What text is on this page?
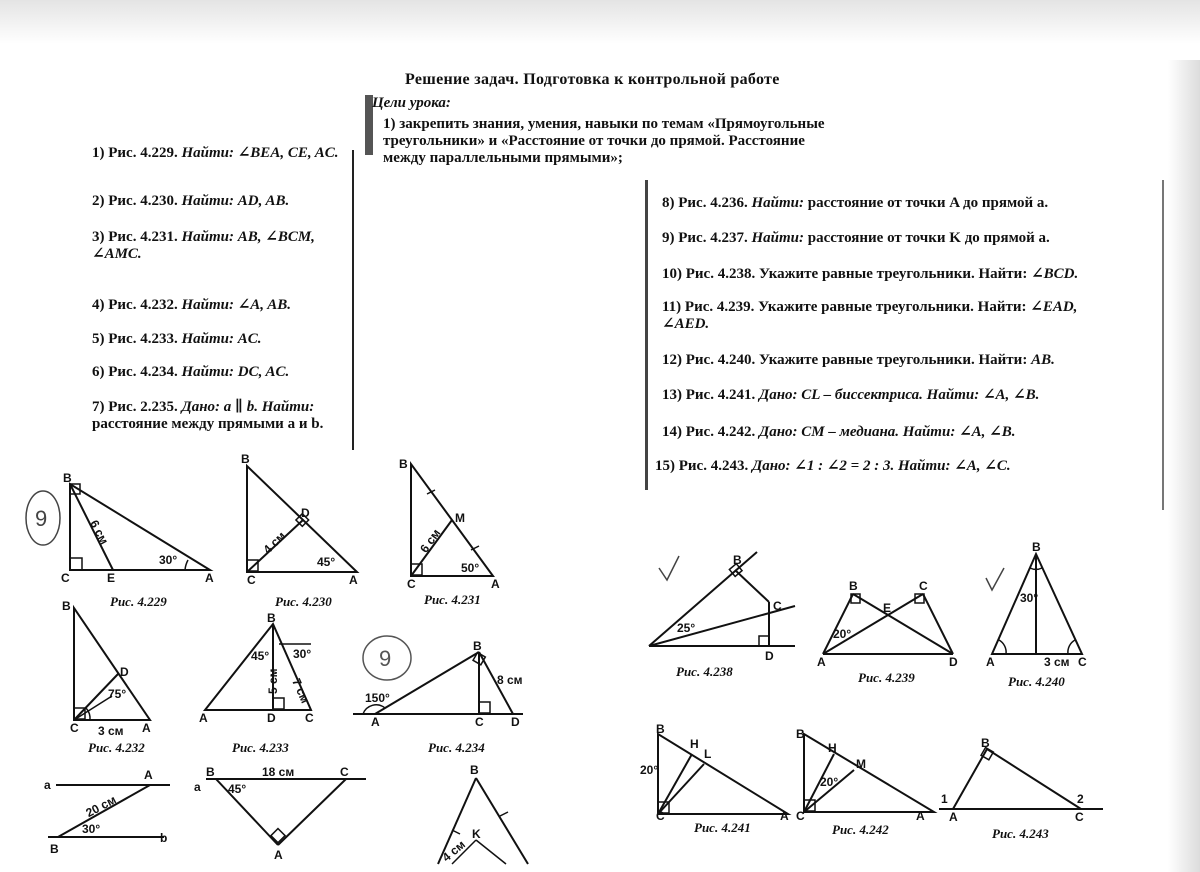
Решение задач. Подготовка к контрольной работе
Цели урока:
1) закрепить знания, умения, навыки по темам «Прямоугольные треугольники» и «Расстояние от точки до прямой. Расстояние между параллельными прямыми»;
1) Рис. 4.229. Найти: ∠BEA, CE, AC.
2) Рис. 4.230. Найти: AD, AB.
3) Рис. 4.231. Найти: AB, ∠BCM, ∠AMC.
4) Рис. 4.232. Найти: ∠A, AB.
5) Рис. 4.233. Найти: AC.
6) Рис. 4.234. Найти: DC, AC.
7) Рис. 2.235. Дано: a ∥ b. Найти: расстояние между прямыми a и b.
8) Рис. 4.236. Найти: расстояние от точки A до прямой a.
9) Рис. 4.237. Найти: расстояние от точки K до прямой a.
10) Рис. 4.238. Укажите равные треугольники. Найти: ∠BCD.
11) Рис. 4.239. Укажите равные треугольники. Найти: ∠EAD, ∠AED.
12) Рис. 4.240. Укажите равные треугольники. Найти: AB.
13) Рис. 4.241. Дано: CL – биссектриса. Найти: ∠A, ∠B.
14) Рис. 4.242. Дано: CM – медиана. Найти: ∠A, ∠B.
15) Рис. 4.243. Дано: ∠1 : ∠2 = 2 : 3. Найти: ∠A, ∠C.
B
C	E	A
6 см
30°
9
Рис. 4.229
B
C
D
A
4 см
45°
Рис. 4.230
B
C
M
A
6 см
50°
Рис. 4.231
B
C
D
A
3 см
75°
Рис. 4.232
B
A	D C
45° 30°
5 см 7 см
Рис. 4.233
B
A	C D
8 см
150°
9
Рис. 4.234
a
b
A
B
20 см
30°
B	C
A
a
18 см
45°
B
K
4 см
B
C
D
25°
Рис. 4.238
B	C
E
A	D
20°
Рис. 4.239
B
A	C
3 см
30°
Рис. 4.240
B
H
L
C	A
20°
Рис. 4.241
B
H
M
C	A
20°
Рис. 4.242
B
A	C
1	2
Рис. 4.243
